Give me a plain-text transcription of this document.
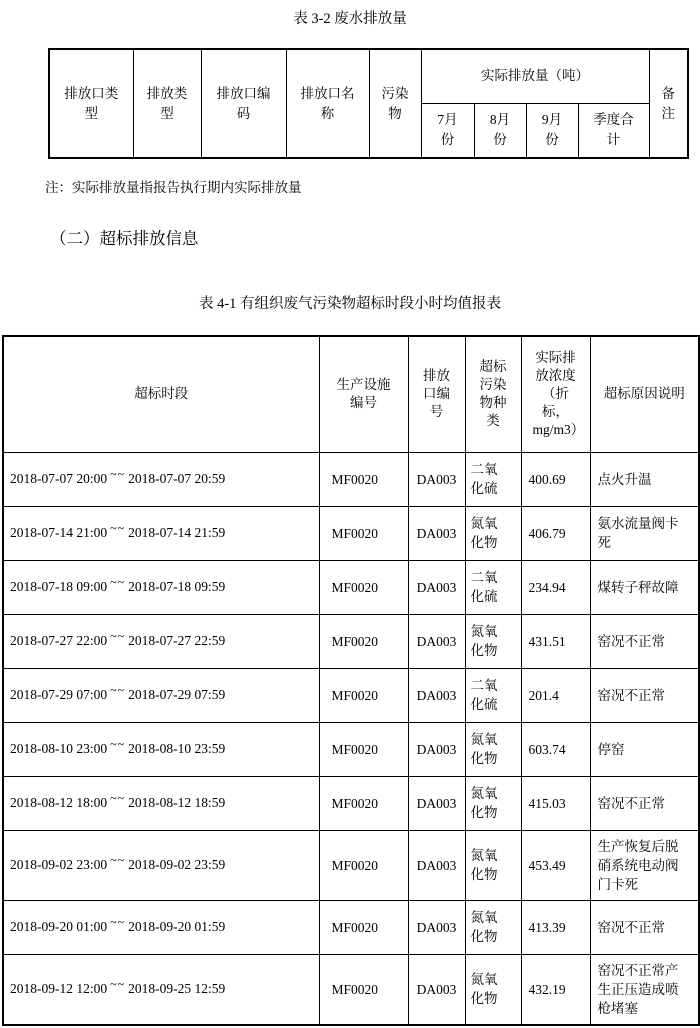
表 3-2 废水排放量
排放口类型	排放类型	排放口编码	排放口名称	污染物	实际排放量（吨）				备注
					7月份	8月份	9月份	季度合计	
注：实际排放量指报告执行期内实际排放量
（二）超标排放信息
表 4-1 有组织废气污染物超标时段小时均值报表
超标时段	生产设施编号	排放口编号	超标污染物种类	实际排放浓度（折标，mg/m3）	超标原因说明
2018-07-07 20:00 ~~ 2018-07-07 20:59	MF0020	DA003	二氧化硫	400.69	点火升温
2018-07-14 21:00 ~~ 2018-07-14 21:59	MF0020	DA003	氮氧化物	406.79	氨水流量阀卡死
2018-07-18 09:00 ~~ 2018-07-18 09:59	MF0020	DA003	二氧化硫	234.94	煤转子秤故障
2018-07-27 22:00 ~~ 2018-07-27 22:59	MF0020	DA003	氮氧化物	431.51	窑况不正常
2018-07-29 07:00 ~~ 2018-07-29 07:59	MF0020	DA003	二氧化硫	201.4	窑况不正常
2018-08-10 23:00 ~~ 2018-08-10 23:59	MF0020	DA003	氮氧化物	603.74	停窑
2018-08-12 18:00 ~~ 2018-08-12 18:59	MF0020	DA003	氮氧化物	415.03	窑况不正常
2018-09-02 23:00 ~~ 2018-09-02 23:59	MF0020	DA003	氮氧化物	453.49	生产恢复后脱硝系统电动阀门卡死
2018-09-20 01:00 ~~ 2018-09-20 01:59	MF0020	DA003	氮氧化物	413.39	窑况不正常
2018-09-12 12:00 ~~ 2018-09-25 12:59	MF0020	DA003	氮氧化物	432.19	窑况不正常产生正压造成喷枪堵塞
